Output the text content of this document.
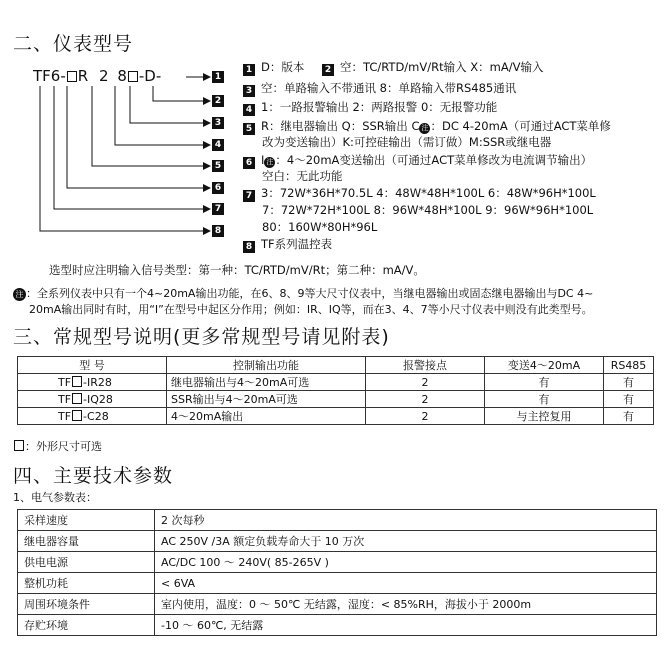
二、仪表型号
TF6- R 2 8 -D-	1
2
3
4
5
6
7
8
1 D：版本 2 空：TC/RTD/mV/Rt输入 X：mA/V输入
3 空：单路输入不带通讯 8：单路输入带RS485通讯
4 1：一路报警输出 2：两路报警 0：无报警功能
5 R：继电器输出 Q：SSR输出 C 注 ：DC 4-20mA（可通过ACT菜单修
改为变送输出）K:可控硅输出（需订做）M:SSR或继电器
6 I 注 ：4～20mA变送输出（可通过ACT菜单修改为电流调节输出）
空白：无此功能
7 3：72W*36H*70.5L 4：48W*48H*100L 6：48W*96H*100L
7：72W*72H*100L 8：96W*48H*100L 9：96W*96H*100L
80：160W*80H*96L
8 TF系列温控表
选型时应注明输入信号类型：第一种：TC/RTD/mV/Rt；第二种：mA/V。
注 ：全系列仪表中只有一个4~20mA输出功能，在6、8、9等大尺寸仪表中，当继电器输出或固态继电器输出与DC 4~
20mA输出同时有时，用“I”在型号中起区分作用；例如：IR、IQ等，而在3、4、7等小尺寸仪表中则没有此类型号。
三、常规型号说明(更多常规型号请见附表)
型 号	控制输出功能	报警接点	变送4～20mA	RS485
TF -IR28	继电器输出与4～20mA可选	2	有	有
TF -IQ28	SSR输出与4～20mA可选	2	有	有
TF -C28	4～20mA输出	2	与主控复用	有
：外形尺寸可选
四、主要技术参数
1、电气参数表：
采样速度	2 次每秒
继电器容量	AC 250V /3A 额定负载寿命大于 10 万次
供电电源	AC/DC 100 ～ 240V( 85-265V )
整机功耗	< 6VA
周围环境条件	室内使用，温度：0 ～ 50℃ 无结露，湿度：< 85%RH，海拔小于 2000m
存贮环境	-10 ～ 60℃, 无结露
